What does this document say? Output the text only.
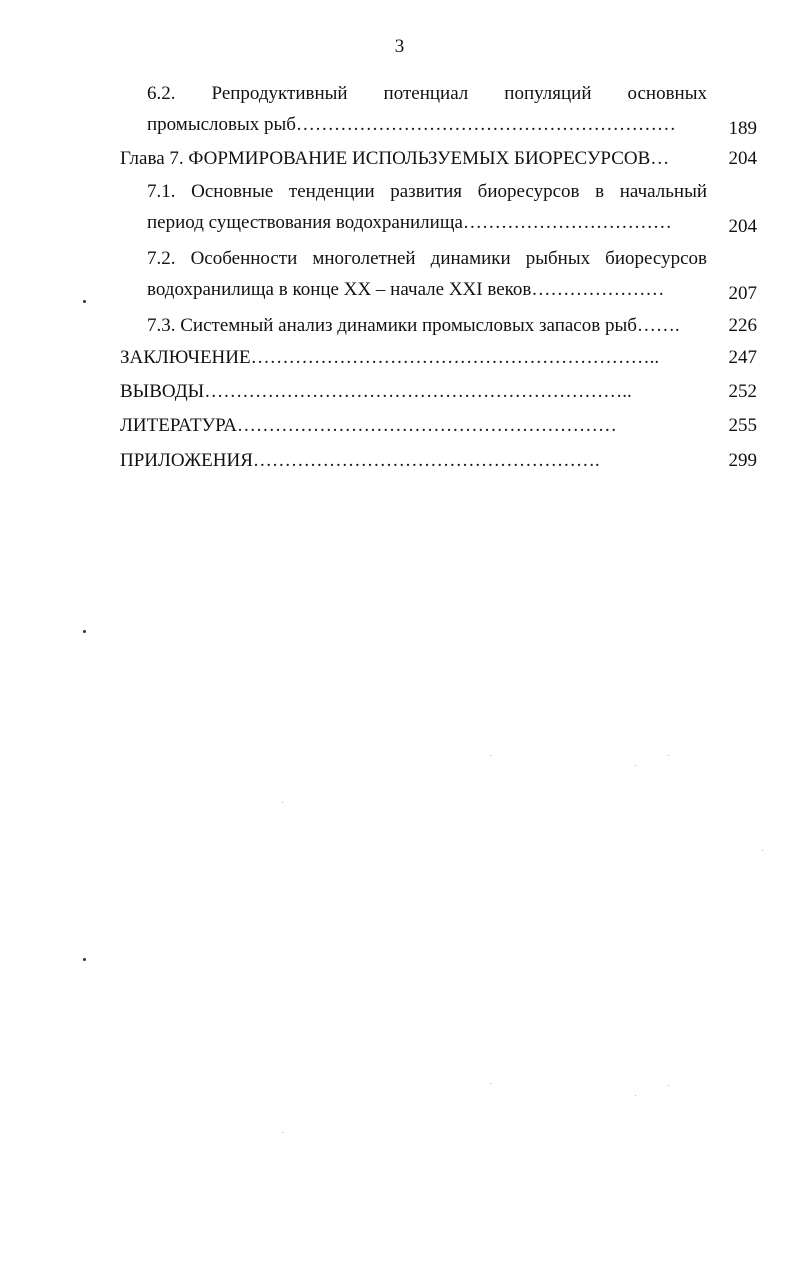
3
6.2. Репродуктивный потенциал популяций основных
промысловых рыб……………………………………………………	189
Глава 7. ФОРМИРОВАНИЕ ИСПОЛЬЗУЕМЫХ БИОРЕСУРСОВ…	204
7.1. Основные тенденции развития биоресурсов в начальный
период существования водохранилища……………………………	204
7.2. Особенности многолетней динамики рыбных биоресурсов
водохранилища в конце XX – начале XXI веков…………………	207
7.3. Системный анализ динамики промысловых запасов рыб…….	226
ЗАКЛЮЧЕНИЕ………………………………………………………..	247
ВЫВОДЫ…………………………………………………………..	252
ЛИТЕРАТУРА……………………………………………………	255
ПРИЛОЖЕНИЯ……………………………………………….	299
